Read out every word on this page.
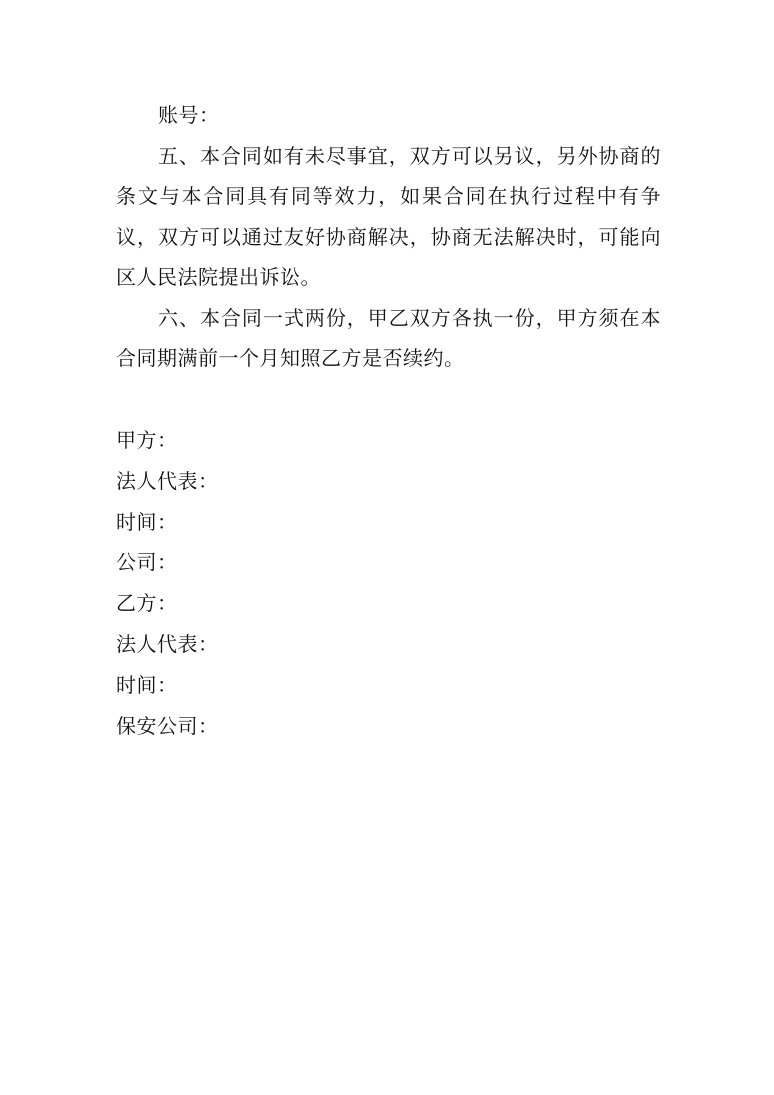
账号：

五、本合同如有未尽事宜，双方可以另议，另外协商的条文与本合同具有同等效力，如果合同在执行过程中有争议，双方可以通过友好协商解决，协商无法解决时，可能向区人民法院提出诉讼。

六、本合同一式两份，甲乙双方各执一份，甲方须在本合同期满前一个月知照乙方是否续约。

甲方：

法人代表：

时间：

公司：

乙方：

法人代表：

时间：

保安公司：
